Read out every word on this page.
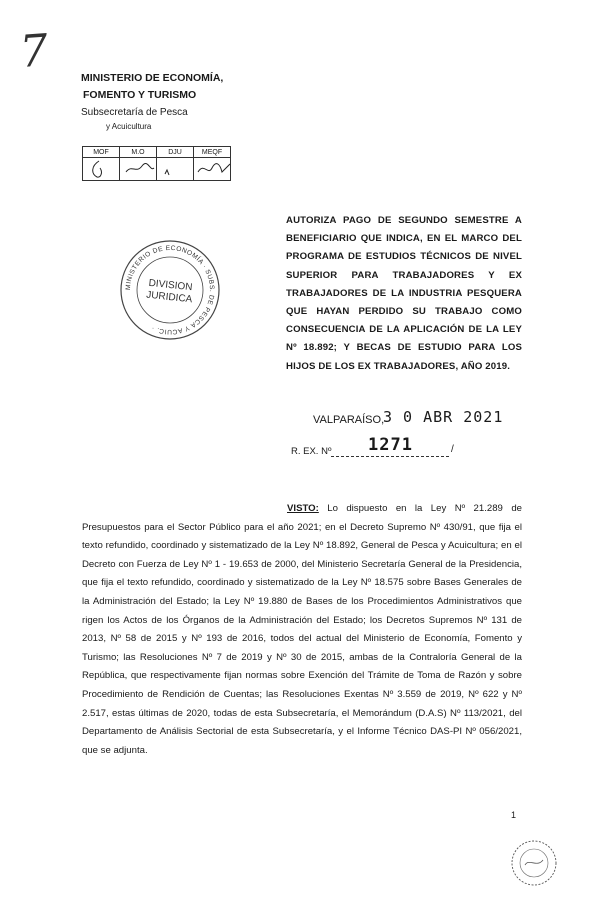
7
MINISTERIO DE ECONOMÍA,
FOMENTO Y TURISMO
Subsecretaría de Pesca
y Acuicultura
MOF	M.O	DJU	MEQF

AUTORIZA PAGO DE SEGUNDO SEMESTRE A BENEFICIARIO QUE INDICA, EN EL MARCO DEL PROGRAMA DE ESTUDIOS TÉCNICOS DE NIVEL SUPERIOR PARA TRABAJADORES Y EX TRABAJADORES DE LA INDUSTRIA PESQUERA QUE HAYAN PERDIDO SU TRABAJO COMO CONSECUENCIA DE LA APLICACIÓN DE LA LEY Nº 18.892; Y BECAS DE ESTUDIO PARA LOS HIJOS DE LOS EX TRABAJADORES, AÑO 2019.
MINISTERIO DE ECONOMÍA · SUBS. DE PESCA Y ACUIC. ·
DIVISION
JURIDICA
VALPARAÍSO,
3 0 ABR 2021
R. EX. Nº 1271	/
VISTO: Lo dispuesto en la Ley Nº 21.289 de Presupuestos para el Sector Público para el año 2021; en el Decreto Supremo Nº 430/91, que fija el texto refundido, coordinado y sistematizado de la Ley Nº 18.892, General de Pesca y Acuicultura; en el Decreto con Fuerza de Ley Nº 1 - 19.653 de 2000, del Ministerio Secretaría General de la Presidencia, que fija el texto refundido, coordinado y sistematizado de la Ley Nº 18.575 sobre Bases Generales de la Administración del Estado; la Ley Nº 19.880 de Bases de los Procedimientos Administrativos que rigen los Actos de los Órganos de la Administración del Estado; los Decretos Supremos Nº 131 de 2013, Nº 58 de 2015 y Nº 193 de 2016, todos del actual del Ministerio de Economía, Fomento y Turismo; las Resoluciones Nº 7 de 2019 y Nº 30 de 2015, ambas de la Contraloría General de la República, que respectivamente fijan normas sobre Exención del Trámite de Toma de Razón y sobre Procedimiento de Rendición de Cuentas; las Resoluciones Exentas Nº 3.559 de 2019, Nº 622 y Nº 2.517, estas últimas de 2020, todas de esta Subsecretaría, el Memorándum (D.A.S) Nº 113/2021, del Departamento de Análisis Sectorial de esta Subsecretaría, y el Informe Técnico DAS-PI Nº 056/2021, que se adjunta.
1
